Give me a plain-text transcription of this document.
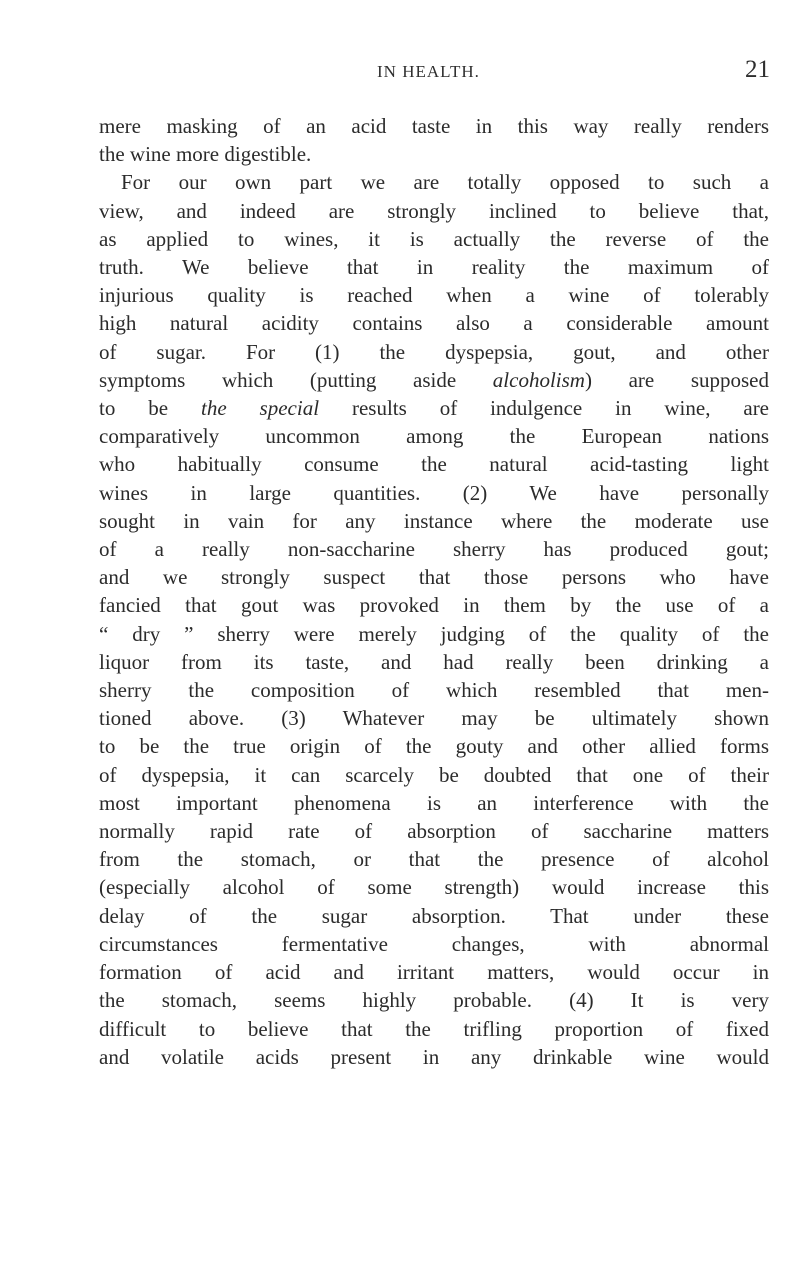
IN HEALTH.	21
mere masking of an acid taste in this way really renders
the wine more digestible.
For our own part we are totally opposed to such a
view, and indeed are strongly inclined to believe that,
as applied to wines, it is actually the reverse of the
truth. We believe that in reality the maximum of
injurious quality is reached when a wine of tolerably
high natural acidity contains also a considerable amount
of sugar. For (1) the dyspepsia, gout, and other
symptoms which (putting aside alcoholism) are supposed
to be the special results of indulgence in wine, are
comparatively uncommon among the European nations
who habitually consume the natural acid-tasting light
wines in large quantities. (2) We have personally
sought in vain for any instance where the moderate use
of a really non-saccharine sherry has produced gout;
and we strongly suspect that those persons who have
fancied that gout was provoked in them by the use of a
“ dry ” sherry were merely judging of the quality of the
liquor from its taste, and had really been drinking a
sherry the composition of which resembled that men-
tioned above. (3) Whatever may be ultimately shown
to be the true origin of the gouty and other allied forms
of dyspepsia, it can scarcely be doubted that one of their
most important phenomena is an interference with the
normally rapid rate of absorption of saccharine matters
from the stomach, or that the presence of alcohol
(especially alcohol of some strength) would increase this
delay of the sugar absorption. That under these
circumstances fermentative changes, with abnormal
formation of acid and irritant matters, would occur in
the stomach, seems highly probable. (4) It is very
difficult to believe that the trifling proportion of fixed
and volatile acids present in any drinkable wine would
